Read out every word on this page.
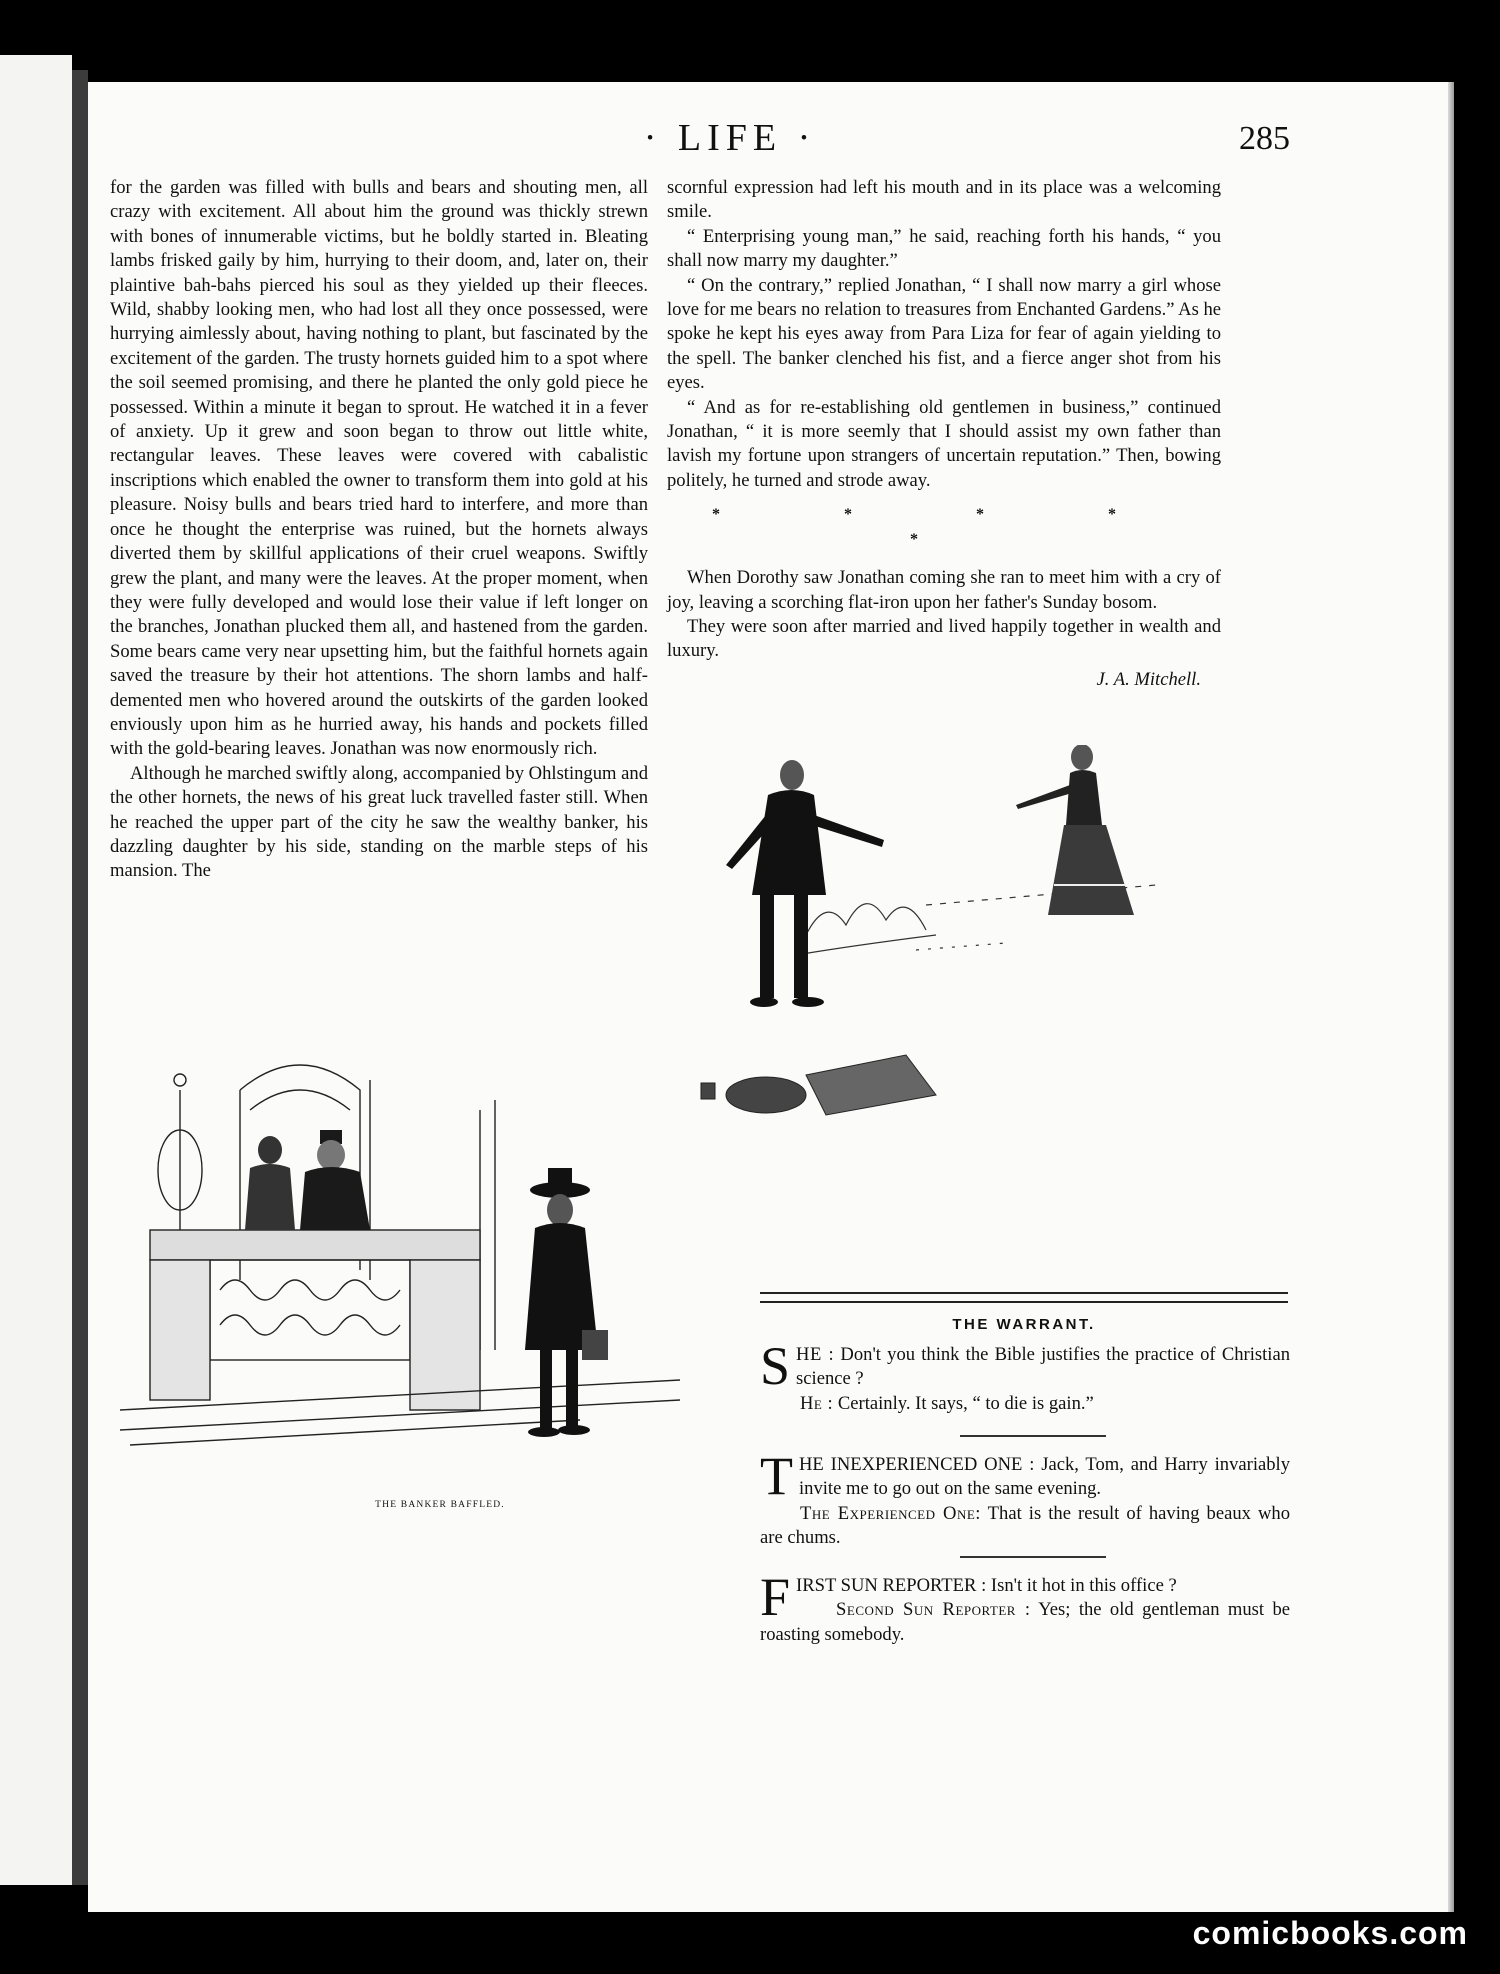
· LIFE ·	285

for the garden was filled with bulls and bears and shouting men, all crazy with excitement. All about him the ground was thickly strewn with bones of innumerable victims, but he boldly started in. Bleating lambs frisked gaily by him, hurrying to their doom, and, later on, their plaintive bah-bahs pierced his soul as they yielded up their fleeces. Wild, shabby looking men, who had lost all they once possessed, were hurrying aimlessly about, having nothing to plant, but fascinated by the excitement of the garden. The trusty hornets guided him to a spot where the soil seemed promising, and there he planted the only gold piece he possessed. Within a minute it began to sprout. He watched it in a fever of anxiety. Up it grew and soon began to throw out little white, rectangular leaves. These leaves were covered with cabalistic inscriptions which enabled the owner to transform them into gold at his pleasure. Noisy bulls and bears tried hard to interfere, and more than once he thought the enterprise was ruined, but the hornets always diverted them by skillful applications of their cruel weapons. Swiftly grew the plant, and many were the leaves. At the proper moment, when they were fully developed and would lose their value if left longer on the branches, Jonathan plucked them all, and hastened from the garden. Some bears came very near upsetting him, but the faithful hornets again saved the treasure by their hot attentions. The shorn lambs and half-demented men who hovered around the outskirts of the garden looked enviously upon him as he hurried away, his hands and pockets filled with the gold-bearing leaves. Jonathan was now enormously rich.

Although he marched swiftly along, accompanied by Ohlstingum and the other hornets, the news of his great luck travelled faster still. When he reached the upper part of the city he saw the wealthy banker, his dazzling daughter by his side, standing on the marble steps of his mansion. The

scornful expression had left his mouth and in its place was a welcoming smile.

“ Enterprising young man,” he said, reaching forth his hands, “ you shall now marry my daughter.”

“ On the contrary,” replied Jonathan, “ I shall now marry a girl whose love for me bears no relation to treasures from Enchanted Gardens.” As he spoke he kept his eyes away from Para Liza for fear of again yielding to the spell. The banker clenched his fist, and a fierce anger shot from his eyes.

“ And as for re-establishing old gentlemen in business,” continued Jonathan, “ it is more seemly that I should assist my own father than lavish my fortune upon strangers of uncertain reputation.” Then, bowing politely, he turned and strode away.

* * * * *

When Dorothy saw Jonathan coming she ran to meet him with a cry of joy, leaving a scorching flat-iron upon her father's Sunday bosom.

They were soon after married and lived happily together in wealth and luxury.

J. A. Mitchell.
THE BANKER BAFFLED.
THE WARRANT.
S HE : Don't you think the Bible justifies the practice of Christian science ?

He : Certainly. It says, “ to die is gain.”

T HE INEXPERIENCED ONE : Jack, Tom, and Harry invariably invite me to go out on the same evening.

The Experienced One: That is the result of having beaux who are chums.

F IRST SUN REPORTER : Isn't it hot in this office ?

Second Sun Reporter : Yes; the old gentleman must be roasting somebody.

comicbooks.com
